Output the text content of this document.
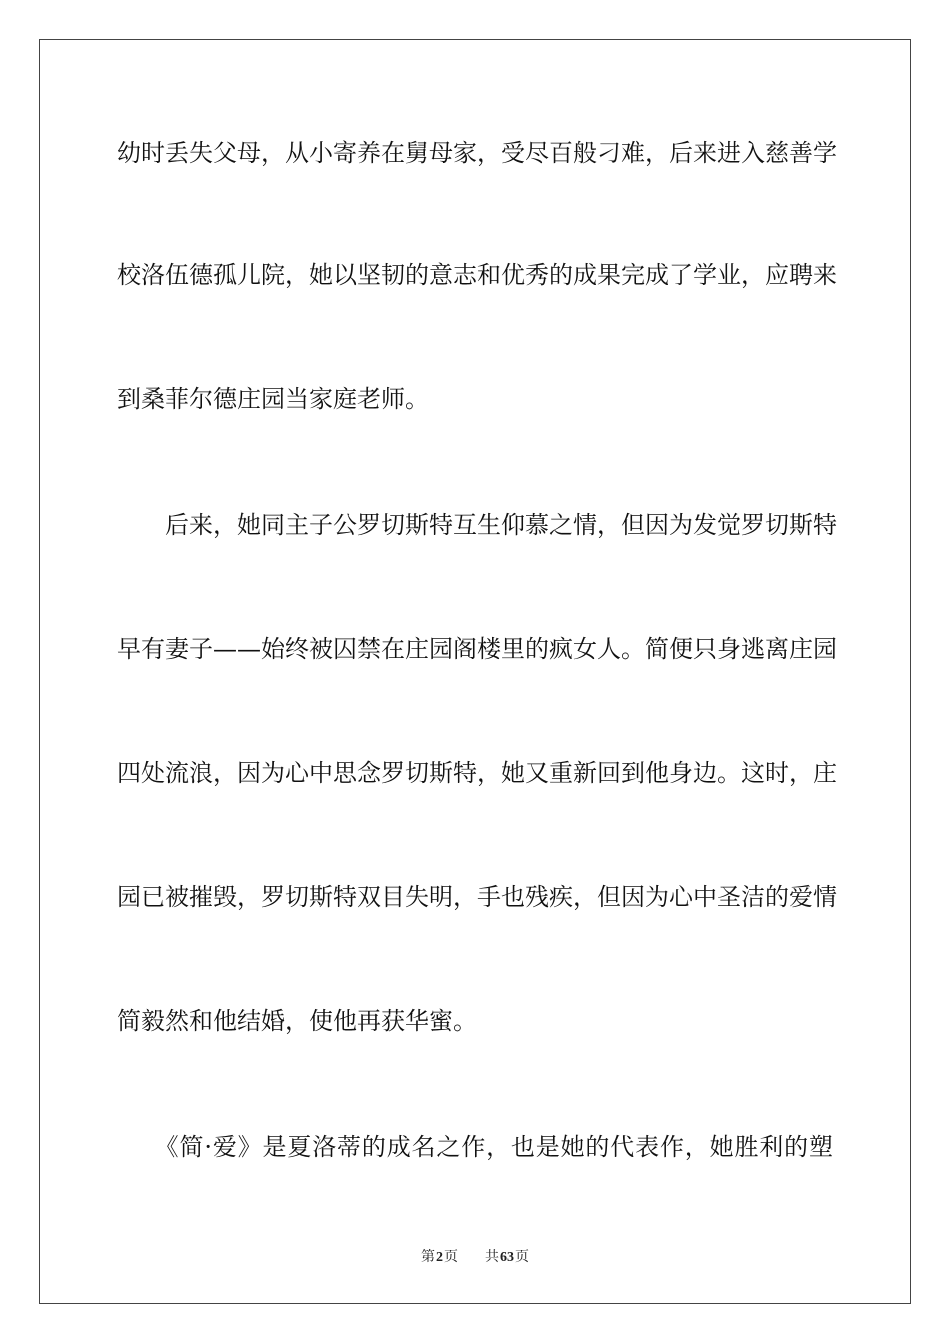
幼时丢失父母，从小寄养在舅母家，受尽百般刁难，后来进入慈善学
校洛伍德孤儿院，她以坚韧的意志和优秀的成果完成了学业，应聘来
到桑菲尔德庄园当家庭老师。
　　后来，她同主子公罗切斯特互生仰慕之情，但因为发觉罗切斯特
早有妻子——始终被囚禁在庄园阁楼里的疯女人。简便只身逃离庄园
四处流浪，因为心中思念罗切斯特，她又重新回到他身边。这时，庄
园已被摧毁，罗切斯特双目失明，手也残疾，但因为心中圣洁的爱情
简毅然和他结婚，使他再获华蜜。
　　《简·爱》是夏洛蒂的成名之作，也是她的代表作，她胜利的塑
第2页 共63页
